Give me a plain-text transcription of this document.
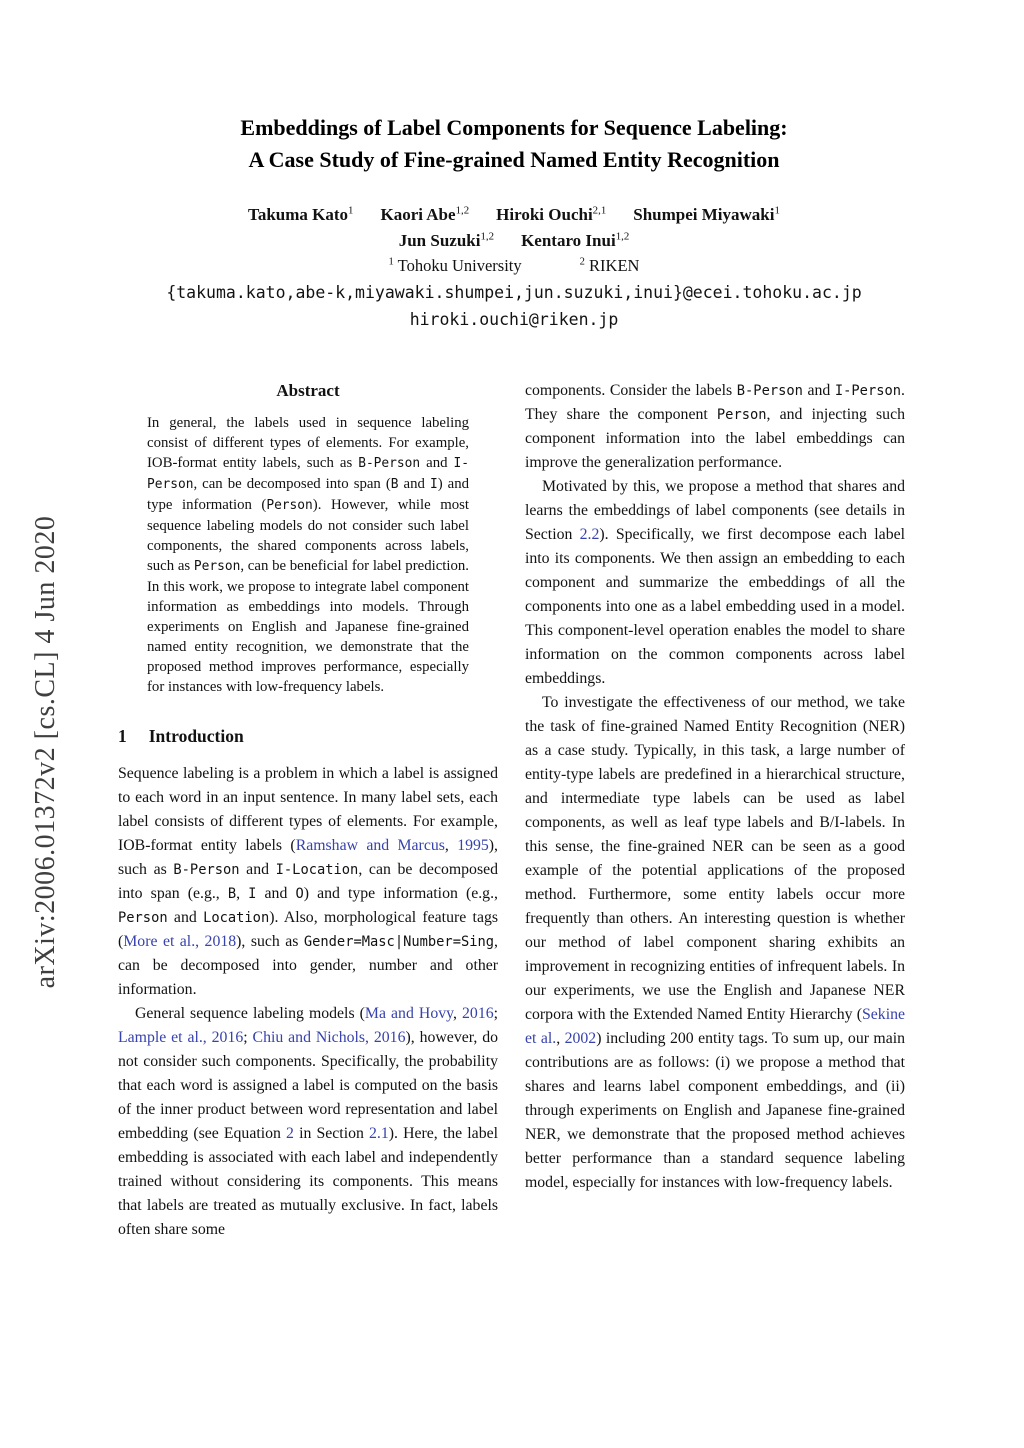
arXiv:2006.01372v2 [cs.CL] 4 Jun 2020
Embeddings of Label Components for Sequence Labeling:
A Case Study of Fine-grained Named Entity Recognition
Takuma Kato$^1$ Kaori Abe$^{1,2}$ Hiroki Ouchi$^{2,1}$ Shumpei Miyawaki$^1$
Jun Suzuki$^{1,2}$ Kentaro Inui$^{1,2}$
$^1$ Tohoku University	$^2$ RIKEN
{takuma.kato,abe-k,miyawaki.shumpei,jun.suzuki,inui}@ecei.tohoku.ac.jp
hiroki.ouchi@riken.jp
Abstract

In general, the labels used in sequence labeling consist of different types of elements. For example, IOB-format entity labels, such as B-Person and I-Person, can be decomposed into span (B and I) and type information (Person). However, while most sequence labeling models do not consider such label components, the shared components across labels, such as Person, can be beneficial for label prediction. In this work, we propose to integrate label component information as embeddings into models. Through experiments on English and Japanese fine-grained named entity recognition, we demonstrate that the proposed method improves performance, especially for instances with low-frequency labels.

1 Introduction

Sequence labeling is a problem in which a label is assigned to each word in an input sentence. In many label sets, each label consists of different types of elements. For example, IOB-format entity labels (Ramshaw and Marcus, 1995), such as B-Person and I-Location, can be decomposed into span (e.g., B, I and O) and type information (e.g., Person and Location). Also, morphological feature tags (More et al., 2018), such as Gender=Masc|Number=Sing, can be decomposed into gender, number and other information.

General sequence labeling models (Ma and Hovy, 2016; Lample et al., 2016; Chiu and Nichols, 2016), however, do not consider such components. Specifically, the probability that each word is assigned a label is computed on the basis of the inner product between word representation and label embedding (see Equation 2 in Section 2.1). Here, the label embedding is associated with each label and independently trained without considering its components. This means that labels are treated as mutually exclusive. In fact, labels often share some

components. Consider the labels B-Person and I-Person. They share the component Person, and injecting such component information into the label embeddings can improve the generalization performance.

Motivated by this, we propose a method that shares and learns the embeddings of label components (see details in Section 2.2). Specifically, we first decompose each label into its components. We then assign an embedding to each component and summarize the embeddings of all the components into one as a label embedding used in a model. This component-level operation enables the model to share information on the common components across label embeddings.

To investigate the effectiveness of our method, we take the task of fine-grained Named Entity Recognition (NER) as a case study. Typically, in this task, a large number of entity-type labels are predefined in a hierarchical structure, and intermediate type labels can be used as label components, as well as leaf type labels and B/I-labels. In this sense, the fine-grained NER can be seen as a good example of the potential applications of the proposed method. Furthermore, some entity labels occur more frequently than others. An interesting question is whether our method of label component sharing exhibits an improvement in recognizing entities of infrequent labels. In our experiments, we use the English and Japanese NER corpora with the Extended Named Entity Hierarchy (Sekine et al., 2002) including 200 entity tags. To sum up, our main contributions are as follows: (i) we propose a method that shares and learns label component embeddings, and (ii) through experiments on English and Japanese fine-grained NER, we demonstrate that the proposed method achieves better performance than a standard sequence labeling model, especially for instances with low-frequency labels.
